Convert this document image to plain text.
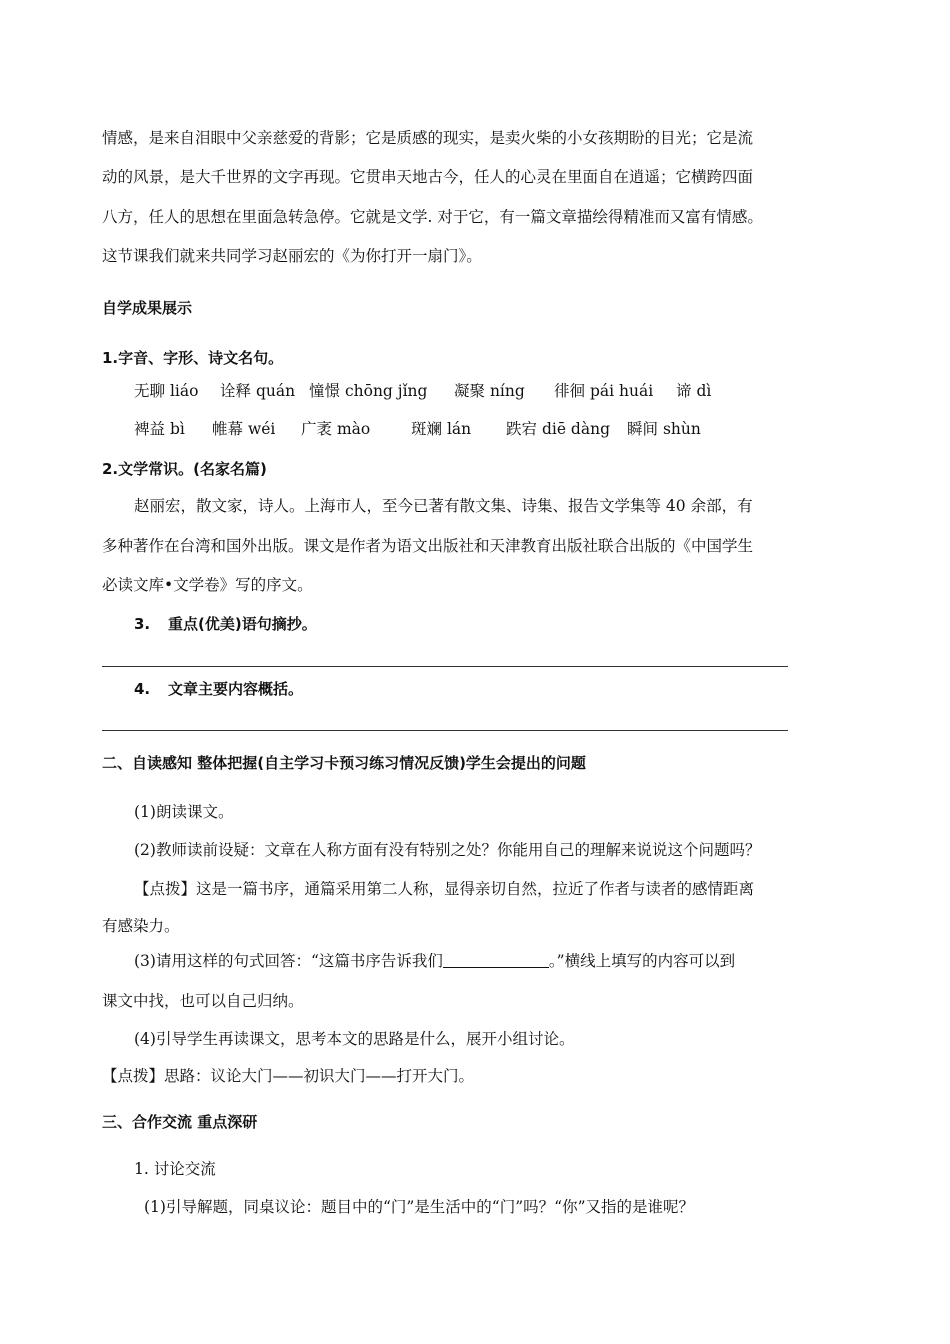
情感，是来自泪眼中父亲慈爱的背影；它是质感的现实，是卖火柴的小女孩期盼的目光；它是流
动的风景，是大千世界的文字再现。它贯串天地古今，任人的心灵在里面自在逍遥；它横跨四面
八方，任人的思想在里面急转急停。它就是文学. 对于它，有一篇文章描绘得精准而又富有情感。
这节课我们就来共同学习赵丽宏的《为你打开一扇门》。
自学成果展示
1.字音、字形、诗文名句。
无聊 liáo 诠释 quán 憧憬 chōng jǐng 凝聚 níng 徘徊 pái huái 谛 dì
裨益 bì 帷幕 wéi 广袤 mào	斑斓 lán 跌宕 diē dàng 瞬间 shùn
2.文学常识。(名家名篇)
赵丽宏，散文家，诗人。上海市人，至今已著有散文集、诗集、报告文学集等 40 余部，有
多种著作在台湾和国外出版。课文是作者为语文出版社和天津教育出版社联合出版的《中国学生
必读文库•文学卷》写的序文。
3. 重点(优美)语句摘抄。
4. 文章主要内容概括。
二、自读感知 整体把握(自主学习卡预习练习情况反馈)学生会提出的问题
(1)朗读课文。
(2)教师读前设疑：文章在人称方面有没有特别之处？你能用自己的理解来说说这个问题吗？
【点拨】这是一篇书序，通篇采用第二人称，显得亲切自然，拉近了作者与读者的感情距离
有感染力。
(3)请用这样的句式回答：“这篇书序告诉我们	。”横线上填写的内容可以到
课文中找，也可以自己归纳。
(4)引导学生再读课文，思考本文的思路是什么，展开小组讨论。
【点拨】思路：议论大门——初识大门——打开大门。
三、合作交流 重点深研
1. 讨论交流
(1)引导解题，同桌议论：题目中的“门”是生活中的“门”吗？“你”又指的是谁呢？
